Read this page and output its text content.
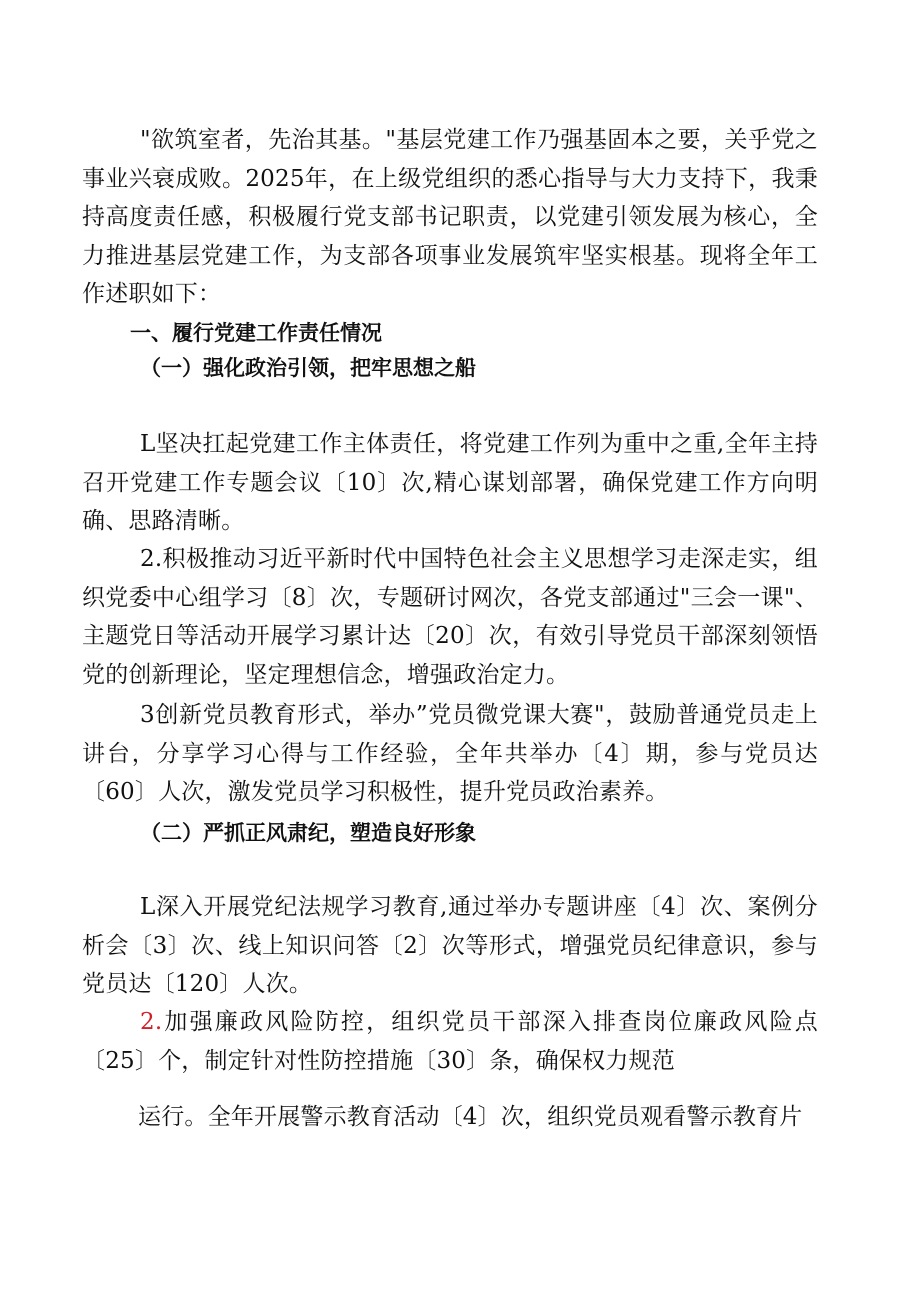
"欲筑室者，先治其基。"基层党建工作乃强基固本之要，关乎党之事业兴衰成败。2025年，在上级党组织的悉心指导与大力支持下，我秉持高度责任感，积极履行党支部书记职责，以党建引领发展为核心，全力推进基层党建工作，为支部各项事业发展筑牢坚实根基。现将全年工作述职如下：

一、履行党建工作责任情况
（一）强化政治引领，把牢思想之船

L坚决扛起党建工作主体责任，将党建工作列为重中之重,全年主持召开党建工作专题会议〔10〕次,精心谋划部署，确保党建工作方向明确、思路清晰。

2.积极推动习近平新时代中国特色社会主义思想学习走深走实，组织党委中心组学习〔8〕次，专题研讨网次，各党支部通过"三会一课"、主题党日等活动开展学习累计达〔20〕次，有效引导党员干部深刻领悟党的创新理论，坚定理想信念，增强政治定力。

3创新党员教育形式，举办”党员微党课大赛"，鼓励普通党员走上讲台，分享学习心得与工作经验，全年共举办〔4〕期，参与党员达〔60〕人次，激发党员学习积极性，提升党员政治素养。

（二）严抓正风肃纪，塑造良好形象

L深入开展党纪法规学习教育,通过举办专题讲座〔4〕次、案例分析会〔3〕次、线上知识问答〔2〕次等形式，增强党员纪律意识，参与党员达〔120〕人次。

2.加强廉政风险防控，组织党员干部深入排查岗位廉政风险点〔25〕个，制定针对性防控措施〔30〕条，确保权力规范

运行。全年开展警示教育活动〔4〕次，组织党员观看警示教育片
